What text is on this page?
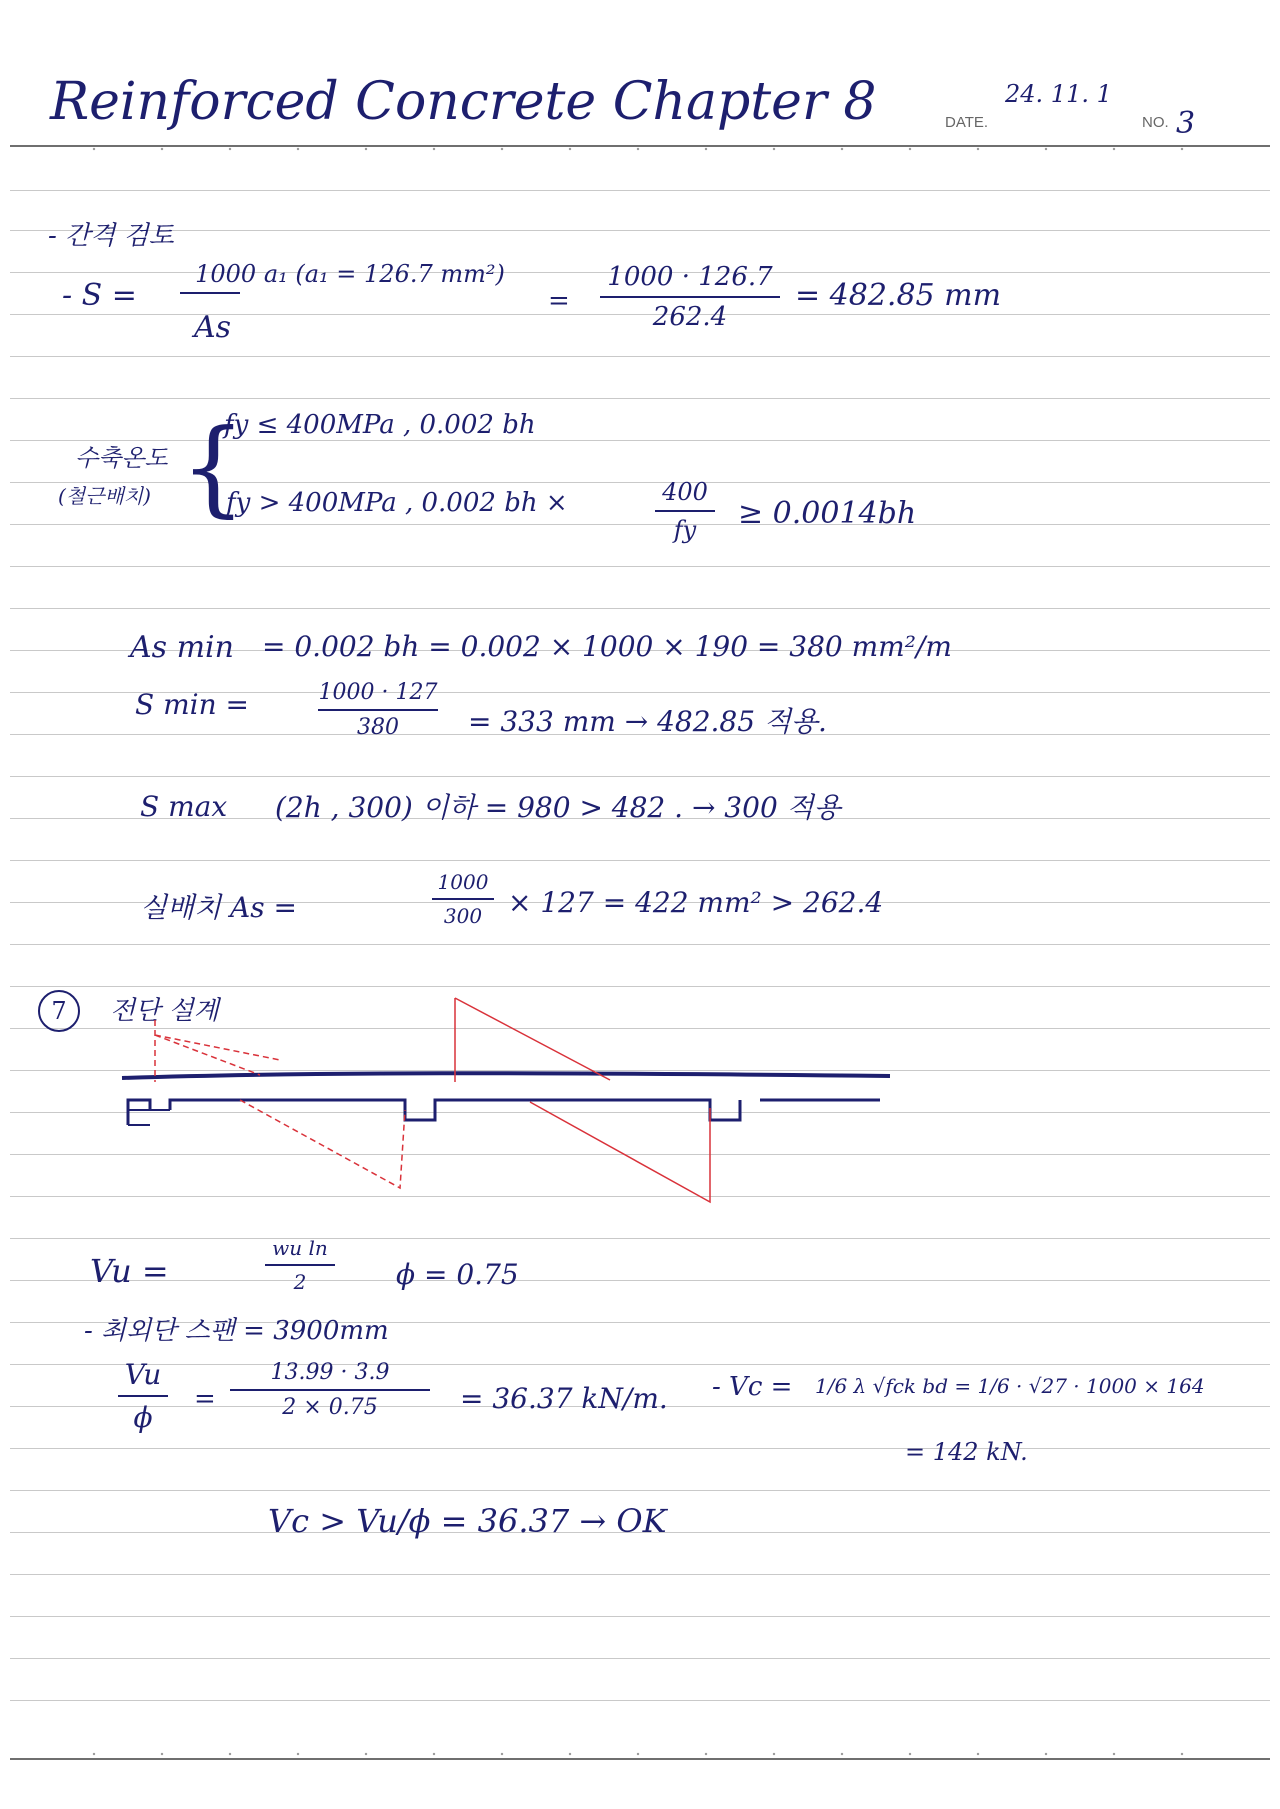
Reinforced Concrete Chapter 8	DATE.
24. 11. 1
NO. 3
- 간격 검토
- S =
1000 a₁ (a₁ = 126.7 mm²)
As
=
1000 · 126.7
262.4
= 482.85 mm
수축온도
(철근배치) {
fy ≤ 400MPa , 0.002 bh
fy > 400MPa , 0.002 bh ×	400
fy	≥ 0.0014bh
As min = 0.002 bh = 0.002 × 1000 × 190 = 380 mm²/m
S min =	1000 · 127
380	= 333 mm → 482.85 적용.
S max (2h , 300) 이하 = 980 > 482 . → 300 적용
실배치 As =
1000
300 × 127 = 422 mm² > 262.4
7 전단 설계
Vu =
wu ln
2	ϕ = 0.75
- 최외단 스팬 = 3900mm
Vu
ϕ
=
13.99 · 3.9
2 × 0.75	= 36.37 kN/m. - Vc = 1/6 λ √fck bd = 1/6 · √27 · 1000 × 164
= 142 kN.
Vc > Vu/ϕ = 36.37 → OK
